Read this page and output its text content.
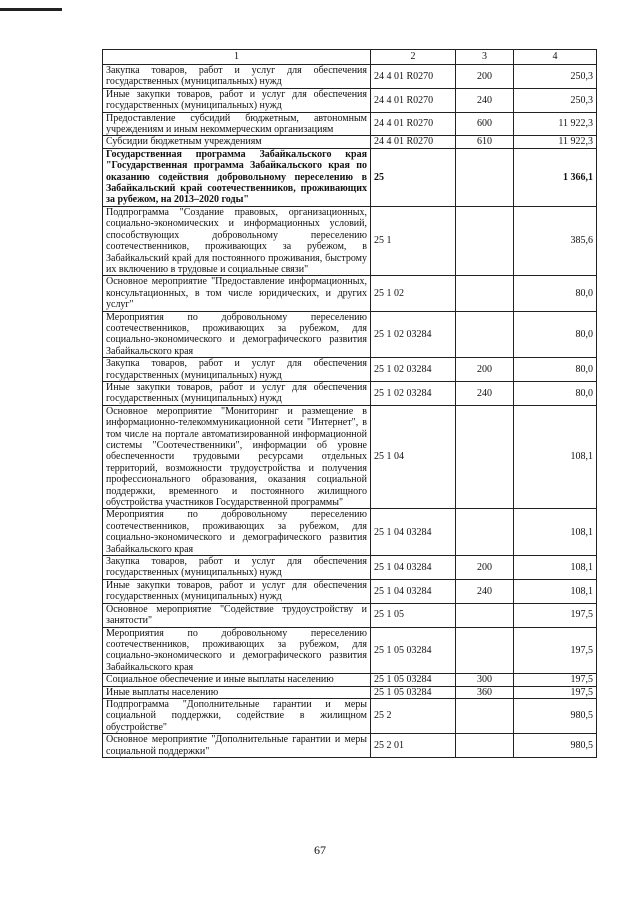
1	2	3	4
Закупка товаров, работ и услуг для обеспечения государственных (муниципальных) нужд	24 4 01 R0270	200	250,3
Иные закупки товаров, работ и услуг для обеспечения государственных (муниципальных) нужд	24 4 01 R0270	240	250,3
Предоставление субсидий бюджетным, автономным учреждениям и иным некоммерческим организациям	24 4 01 R0270	600	11 922,3
Субсидии бюджетным учреждениям	24 4 01 R0270	610	11 922,3
Государственная программа Забайкальского края "Государственная программа Забайкальского края по оказанию содействия добровольному переселению в Забайкальский край соотечественников, проживающих за рубежом, на 2013–2020 годы"	25		1 366,1
Подпрограмма "Создание правовых, организационных, социально-экономических и информационных условий, способствующих добровольному переселению соотечественников, проживающих за рубежом, в Забайкальский край для постоянного проживания, быстрому их включению в трудовые и социальные связи"	25 1		385,6
Основное мероприятие "Предоставление информационных, консультационных, в том числе юридических, и других услуг"	25 1 02		80,0
Мероприятия по добровольному переселению соотечественников, проживающих за рубежом, для социально-экономического и демографического развития Забайкальского края	25 1 02 03284		80,0
Закупка товаров, работ и услуг для обеспечения государственных (муниципальных) нужд	25 1 02 03284	200	80,0
Иные закупки товаров, работ и услуг для обеспечения государственных (муниципальных) нужд	25 1 02 03284	240	80,0
Основное мероприятие "Мониторинг и размещение в информационно-телекоммуникационной сети "Интернет", в том числе на портале автоматизированной информационной системы "Соотечественники", информации об уровне обеспеченности трудовыми ресурсами отдельных территорий, возможности трудоустройства и получения профессионального образования, оказания социальной поддержки, временного и постоянного жилищного обустройства участников Государственной программы"	25 1 04		108,1
Мероприятия по добровольному переселению соотечественников, проживающих за рубежом, для социально-экономического и демографического развития Забайкальского края	25 1 04 03284		108,1
Закупка товаров, работ и услуг для обеспечения государственных (муниципальных) нужд	25 1 04 03284	200	108,1
Иные закупки товаров, работ и услуг для обеспечения государственных (муниципальных) нужд	25 1 04 03284	240	108,1
Основное мероприятие "Содействие трудоустройству и занятости"	25 1 05		197,5
Мероприятия по добровольному переселению соотечественников, проживающих за рубежом, для социально-экономического и демографического развития Забайкальского края	25 1 05 03284		197,5
Социальное обеспечение и иные выплаты населению	25 1 05 03284	300	197,5
Иные выплаты населению	25 1 05 03284	360	197,5
Подпрограмма "Дополнительные гарантии и меры социальной поддержки, содействие в жилищном обустройстве"	25 2		980,5
Основное мероприятие "Дополнительные гарантии и меры социальной поддержки"	25 2 01		980,5
67
